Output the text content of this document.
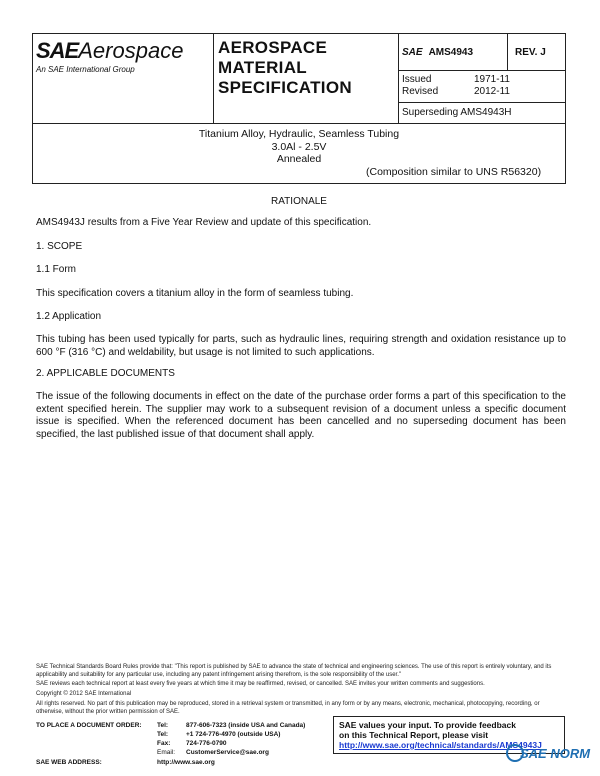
SAEAerospace
An SAE International Group
AEROSPACE
MATERIAL
SPECIFICATION
SAE AMS4943	REV. J
Issued	1971-11
Revised	2012-11
Superseding AMS4943H
Titanium Alloy, Hydraulic, Seamless Tubing
3.0Al - 2.5V
Annealed
(Composition similar to UNS R56320)
RATIONALE
AMS4943J results from a Five Year Review and update of this specification.
1. SCOPE
1.1 Form
This specification covers a titanium alloy in the form of seamless tubing.
1.2 Application
This tubing has been used typically for parts, such as hydraulic lines, requiring strength and oxidation resistance up to 600 °F (316 °C) and weldability, but usage is not limited to such applications.
2. APPLICABLE DOCUMENTS
The issue of the following documents in effect on the date of the purchase order forms a part of this specification to the extent specified herein. The supplier may work to a subsequent revision of a document unless a specific document issue is specified. When the referenced document has been cancelled and no superseding document has been specified, the last published issue of that document shall apply.
SAE Technical Standards Board Rules provide that: "This report is published by SAE to advance the state of technical and engineering sciences. The use of this report is entirely voluntary, and its applicability and suitability for any particular use, including any patent infringement arising therefrom, is the sole responsibility of the user."
SAE reviews each technical report at least every five years at which time it may be reaffirmed, revised, or cancelled. SAE invites your written comments and suggestions.
Copyright © 2012 SAE International
All rights reserved. No part of this publication may be reproduced, stored in a retrieval system or transmitted, in any form or by any means, electronic, mechanical, photocopying, recording, or otherwise, without the prior written permission of SAE.
TO PLACE A DOCUMENT ORDER: Tel:	877-606-7323 (inside USA and Canada)
Tel:	+1 724-776-4970 (outside USA)
Fax: 724-776-0790
Email: CustomerService@sae.org
SAE WEB ADDRESS:	http://www.sae.org
SAE values your input. To provide feedback
on this Technical Report, please visit
http://www.sae.org/technical/standards/AMS4943J
SAE NORM
